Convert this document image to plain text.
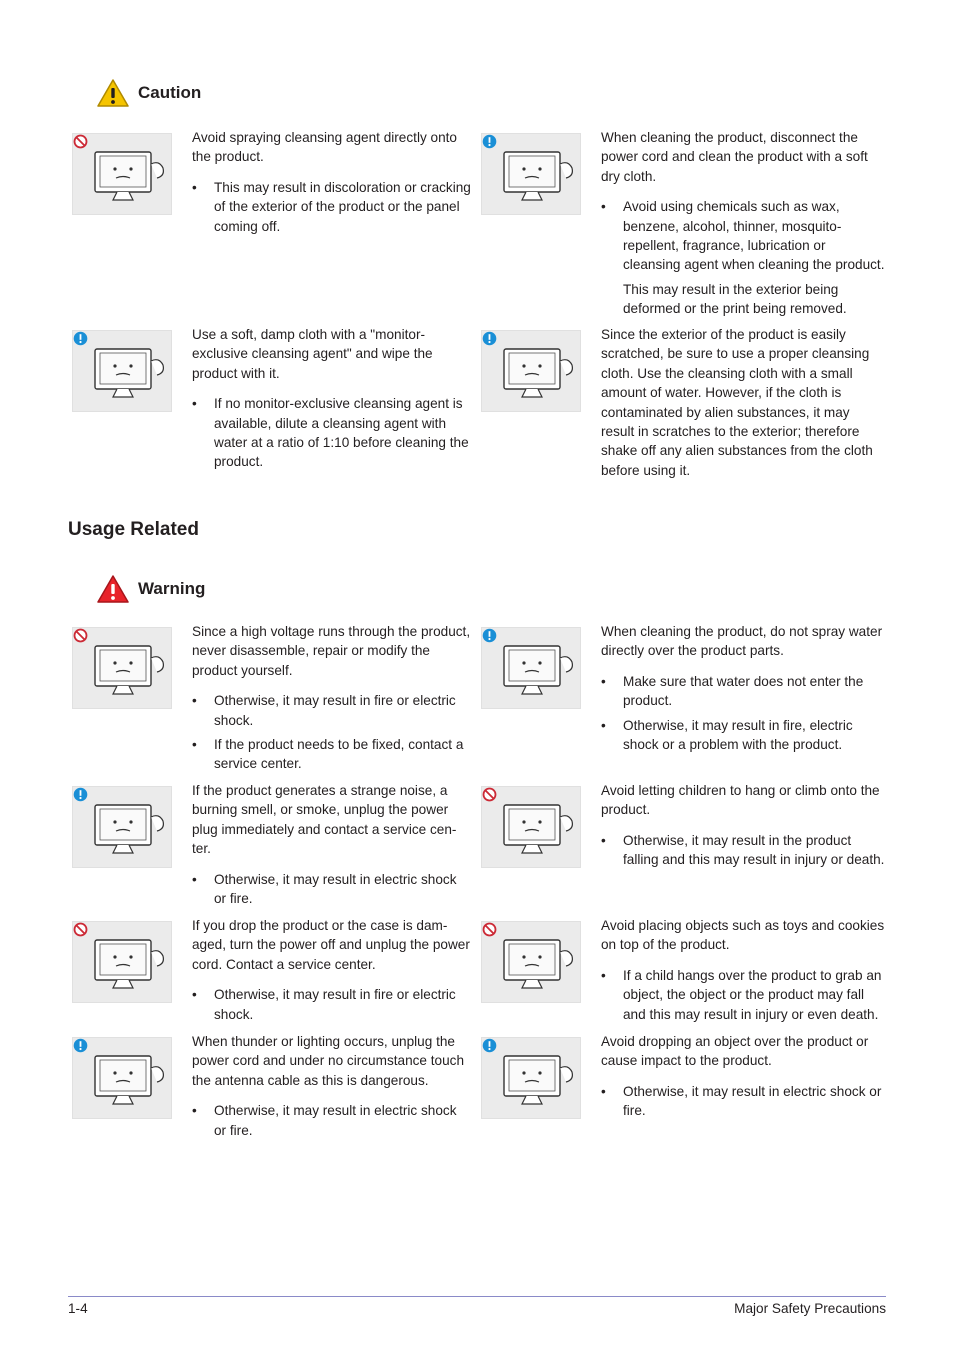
Caution

Avoid spraying cleansing agent directly onto the product.

• This may result in discoloration or cracking of the exterior of the product or the panel coming off.

When cleaning the product, disconnect the power cord and clean the product with a soft dry cloth.

• Avoid using chemicals such as wax, benzene, alcohol, thinner, mosquito-repellent, fragrance, lubrication or cleansing agent when cleaning the product.
This may result in the exterior being deformed or the print being removed.

Use a soft, damp cloth with a "monitor-exclusive cleansing agent" and wipe the product with it.

• If no monitor-exclusive cleansing agent is available, dilute a cleansing agent with water at a ratio of 1:10 before cleaning the product.

Since the exterior of the product is easily scratched, be sure to use a proper cleansing cloth. Use the cleansing cloth with a small amount of water. However, if the cloth is contaminated by alien substances, it may result in scratches to the exterior; therefore shake off any alien substances from the cloth before using it.

Usage Related
Warning

Since a high voltage runs through the product, never disassemble, repair or modify the product yourself.

• Otherwise, it may result in fire or electric shock.
• If the product needs to be fixed, contact a service center.

When cleaning the product, do not spray water directly over the product parts.

• Make sure that water does not enter the product.
• Otherwise, it may result in fire, electric shock or a problem with the product.

If the product generates a strange noise, a burning smell, or smoke, unplug the power plug immediately and contact a service cen-ter.

• Otherwise, it may result in electric shock or fire.

Avoid letting children to hang or climb onto the product.

• Otherwise, it may result in the product falling and this may result in injury or death.

If you drop the product or the case is dam-aged, turn the power off and unplug the power cord. Contact a service center.

• Otherwise, it may result in fire or electric shock.

Avoid placing objects such as toys and cookies on top of the product.

• If a child hangs over the product to grab an object, the object or the product may fall and this may result in injury or even death.

When thunder or lighting occurs, unplug the power cord and under no circumstance touch the antenna cable as this is dangerous.

• Otherwise, it may result in electric shock or fire.

Avoid dropping an object over the product or cause impact to the product.

• Otherwise, it may result in electric shock or fire.
1-4	Major Safety Precautions
